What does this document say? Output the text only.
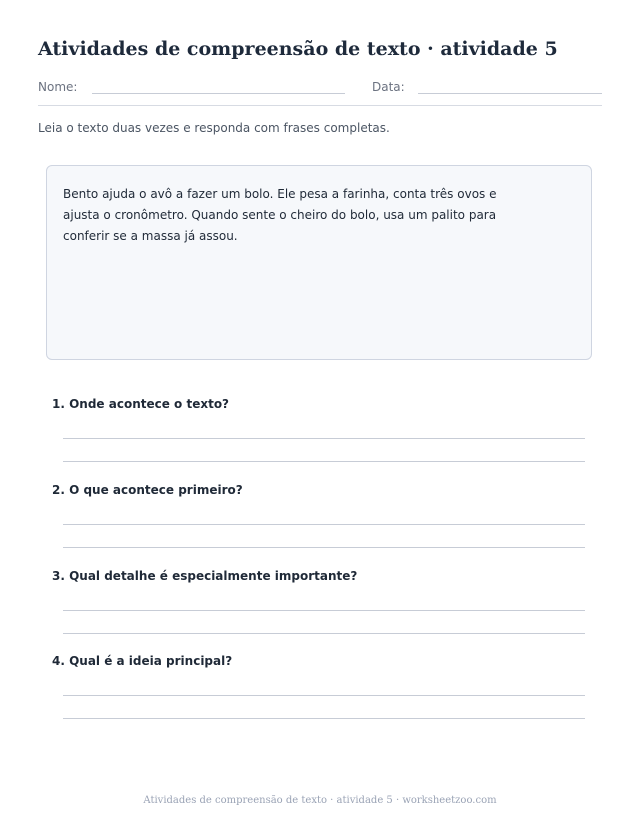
Atividades de compreensão de texto · atividade 5
Nome:	Data:
Leia o texto duas vezes e responda com frases completas.
Bento ajuda o avô a fazer um bolo. Ele pesa a farinha, conta três ovos e
ajusta o cronômetro. Quando sente o cheiro do bolo, usa um palito para
conferir se a massa já assou.
1. Onde acontece o texto?
2. O que acontece primeiro?
3. Qual detalhe é especialmente importante?
4. Qual é a ideia principal?
Atividades de compreensão de texto · atividade 5 · worksheetzoo.com
